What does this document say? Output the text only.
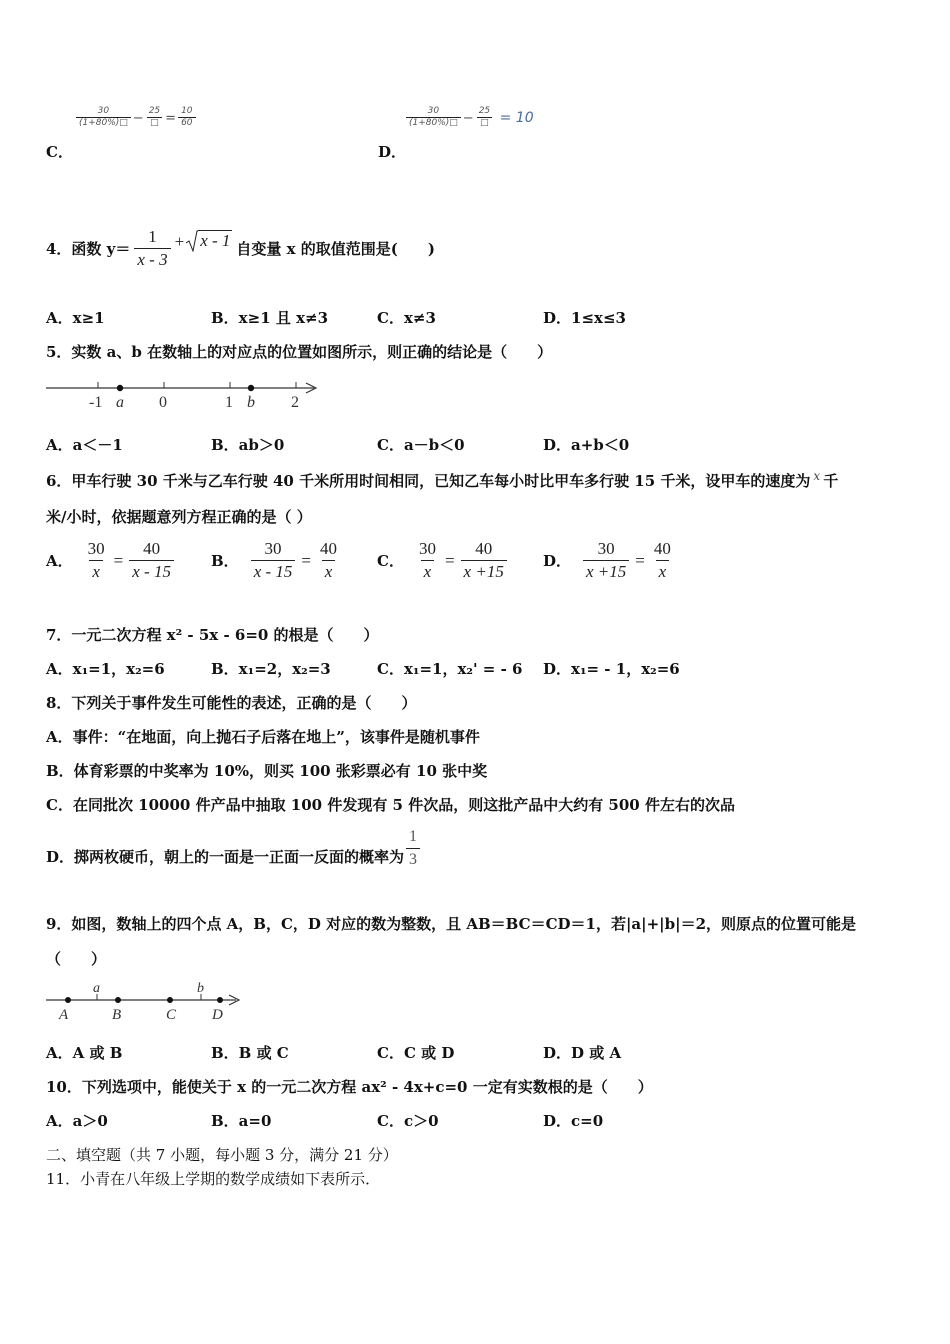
$\frac{30}{(1+80\%)□} - \frac{25}{□} = \frac{10}{60}$
C．
$\frac{30}{(1+80\%)□} - \frac{25}{□} = 10$
D．
4．函数 $y= \frac{1}{x - 3} + x - 1$ 自变量 x 的取值范围是(　　)
A．x≥1	B．x≥1 且 x≠3	C．x≠3	D．1≤x≤3
5．实数 a、b 在数轴上的对应点的位置如图所示，则正确的结论是（　　）
-1 a 0	1 b 2
A．a＜－1	B．ab＞0	C．a－b＜0	D．a+b＜0
6．甲车行驶 30 千米与乙车行驶 40 千米所用时间相同，已知乙车每小时比甲车多行驶 15 千米，设甲车的速度为 $^x$ 千
米/小时，依据题意列方程正确的是（ ）
A． $\frac{30}{x} = \frac{40}{x - 15}$ B． $\frac{30}{x - 15} = \frac{40}{x}$ C． $\frac{30}{x} = \frac{40}{x +15}$ D． $\frac{30}{x +15} = \frac{40}{x}$
7．一元二次方程 x² - 5x - 6=0 的根是（　　）
A．x₁=1，x₂=6	B．x₁=2，x₂=3	C．x₁=1，x₂' = - 6 D．x₁= - 1，x₂=6
8．下列关于事件发生可能性的表述，正确的是（　　）
A．事件：“在地面，向上抛石子后落在地上”，该事件是随机事件
B．体育彩票的中奖率为 10%，则买 100 张彩票必有 10 张中奖
C．在同批次 10000 件产品中抽取 100 件发现有 5 件次品，则这批产品中大约有 500 件左右的次品
D．掷两枚硬币，朝上的一面是一正面一反面的概率为 $\frac{1}{3}$
9．如图，数轴上的四个点 A，B，C，D 对应的数为整数，且 AB＝BC＝CD＝1，若|a|+|b|＝2，则原点的位置可能是
（　　）
a	b
A	B	C D
A．A 或 B	B．B 或 C	C．C 或 D	D．D 或 A
10．下列选项中，能使关于 x 的一元二次方程 ax² - 4x+c=0 一定有实数根的是（　　）
A．a＞0	B．a=0	C．c＞0	D．c=0
二、填空题（共 7 小题，每小题 3 分，满分 21 分）
11．小青在八年级上学期的数学成绩如下表所示．
